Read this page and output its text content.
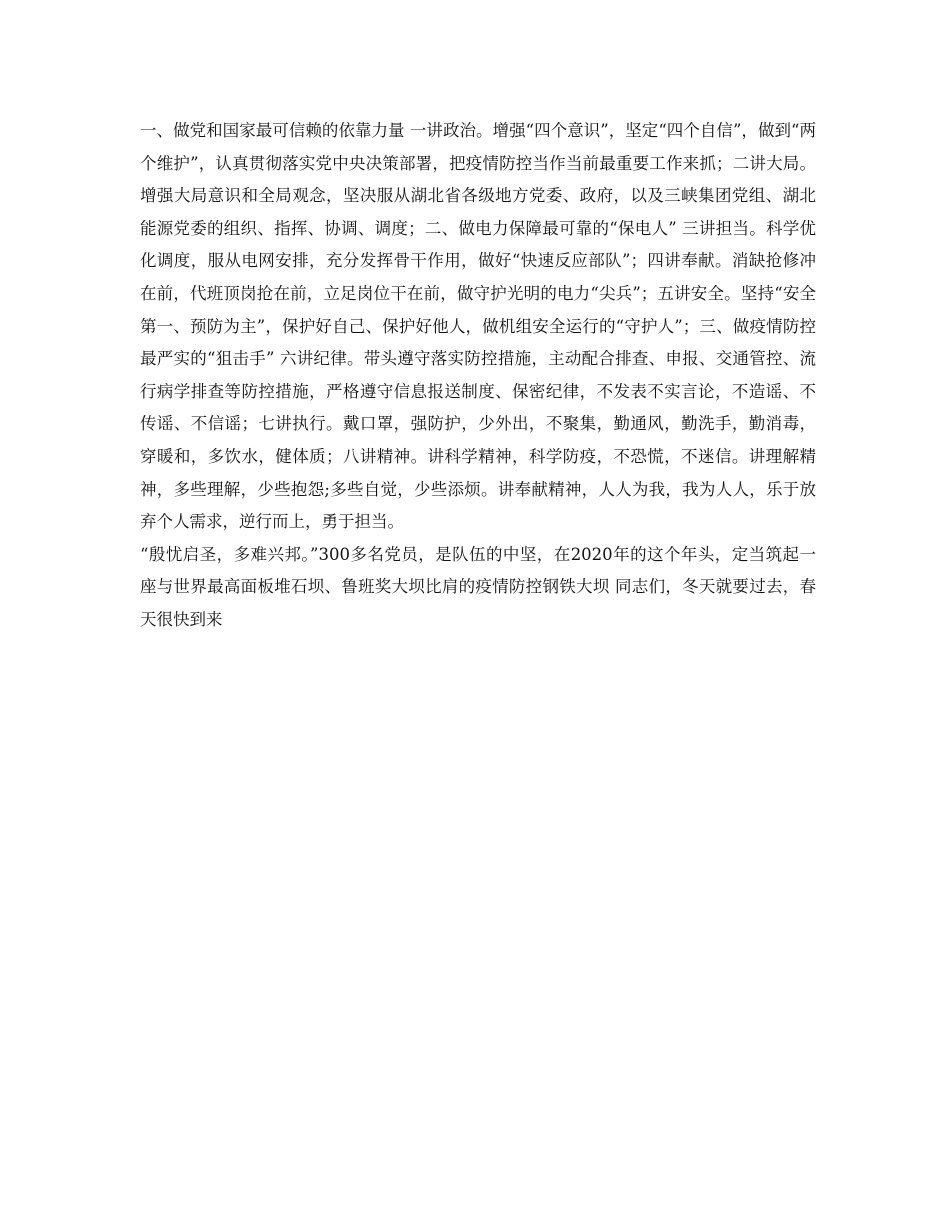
一、做党和国家最可信赖的依靠力量 一讲政治。增强“四个意识”，坚定“四个自信”，做到“两个维护”，认真贯彻落实党中央决策部署，把疫情防控当作当前最重要工作来抓；二讲大局。增强大局意识和全局观念，坚决服从湖北省各级地方党委、政府，以及三峡集团党组、湖北能源党委的组织、指挥、协调、调度；二、做电力保障最可靠的“保电人” 三讲担当。科学优化调度，服从电网安排，充分发挥骨干作用，做好“快速反应部队”；四讲奉献。消缺抢修冲在前，代班顶岗抢在前，立足岗位干在前，做守护光明的电力“尖兵”；五讲安全。坚持“安全第一、预防为主”，保护好自己、保护好他人，做机组安全运行的“守护人”；三、做疫情防控最严实的“狙击手” 六讲纪律。带头遵守落实防控措施，主动配合排查、申报、交通管控、流行病学排查等防控措施，严格遵守信息报送制度、保密纪律，不发表不实言论，不造谣、不传谣、不信谣；七讲执行。戴口罩，强防护，少外出，不聚集，勤通风，勤洗手，勤消毒，穿暖和，多饮水，健体质；八讲精神。讲科学精神，科学防疫，不恐慌，不迷信。讲理解精神，多些理解，少些抱怨;多些自觉，少些添烦。讲奉献精神，人人为我，我为人人，乐于放弃个人需求，逆行而上，勇于担当。

“殷忧启圣，多难兴邦。”300多名党员，是队伍的中坚，在2020年的这个年头，定当筑起一座与世界最高面板堆石坝、鲁班奖大坝比肩的疫情防控钢铁大坝 同志们，冬天就要过去，春天很快到来
